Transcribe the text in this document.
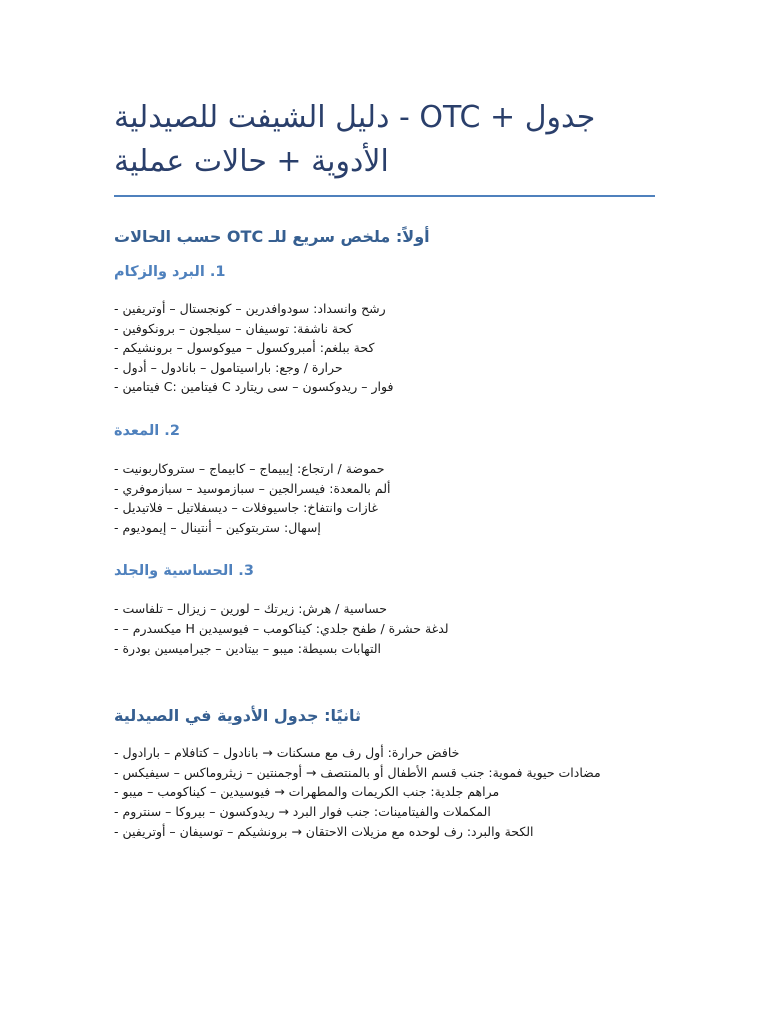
جدول + OTC - دليل الشيفت للصيدلية الأدوية + حالات عملية
أولاً: ملخص سريع للـ OTC حسب الحالات
1. البرد والزكام
رشح وانسداد: سودوافدرين – كونجستال – أوتريفين -
كحة ناشفة: توسيفان – سيلجون – برونكوفين -
كحة ببلغم: أمبروكسول – ميوكوسول – برونشيكم -
حرارة / وجع: باراسيتامول – بانادول – أدول -
فوار – ريدوكسون – سى ريتارد C فيتامين :C فيتامين -
2. المعدة
حموضة / ارتجاع: إيبيماج – كابيماج – ستروكاربونيت -
ألم بالمعدة: فيسرالجين – سبازموسيد – سبازموفري -
غازات وانتفاخ: جاسيوفلات – ديسفلاتيل – فلاتيديل -
إسهال: ستربتوكين – أنتينال – إيموديوم -
3. الحساسية والجلد
حساسية / هرش: زيرتك – لورين – زيزال – تلفاست -
لدغة حشرة / طفح جلدي: كيناكومب – فيوسيدين H ميكسدرم – -
التهابات بسيطة: ميبو – بيتادين – جيراميسين بودرة -
ثانيًا: جدول الأدوية في الصيدلية
خافض حرارة: أول رف مع مسكنات → بانادول – كتافلام – بارادول -
مضادات حيوية فموية: جنب قسم الأطفال أو بالمنتصف → أوجمنتين – زيثروماكس – سيفيكس -
مراهم جلدية: جنب الكريمات والمطهرات → فيوسيدين – كيناكومب – ميبو -
المكملات والفيتامينات: جنب فوار البرد → ريدوكسون – بيروكا – سنتروم -
الكحة والبرد: رف لوحده مع مزيلات الاحتقان → برونشيكم – توسيفان – أوتريفين -
